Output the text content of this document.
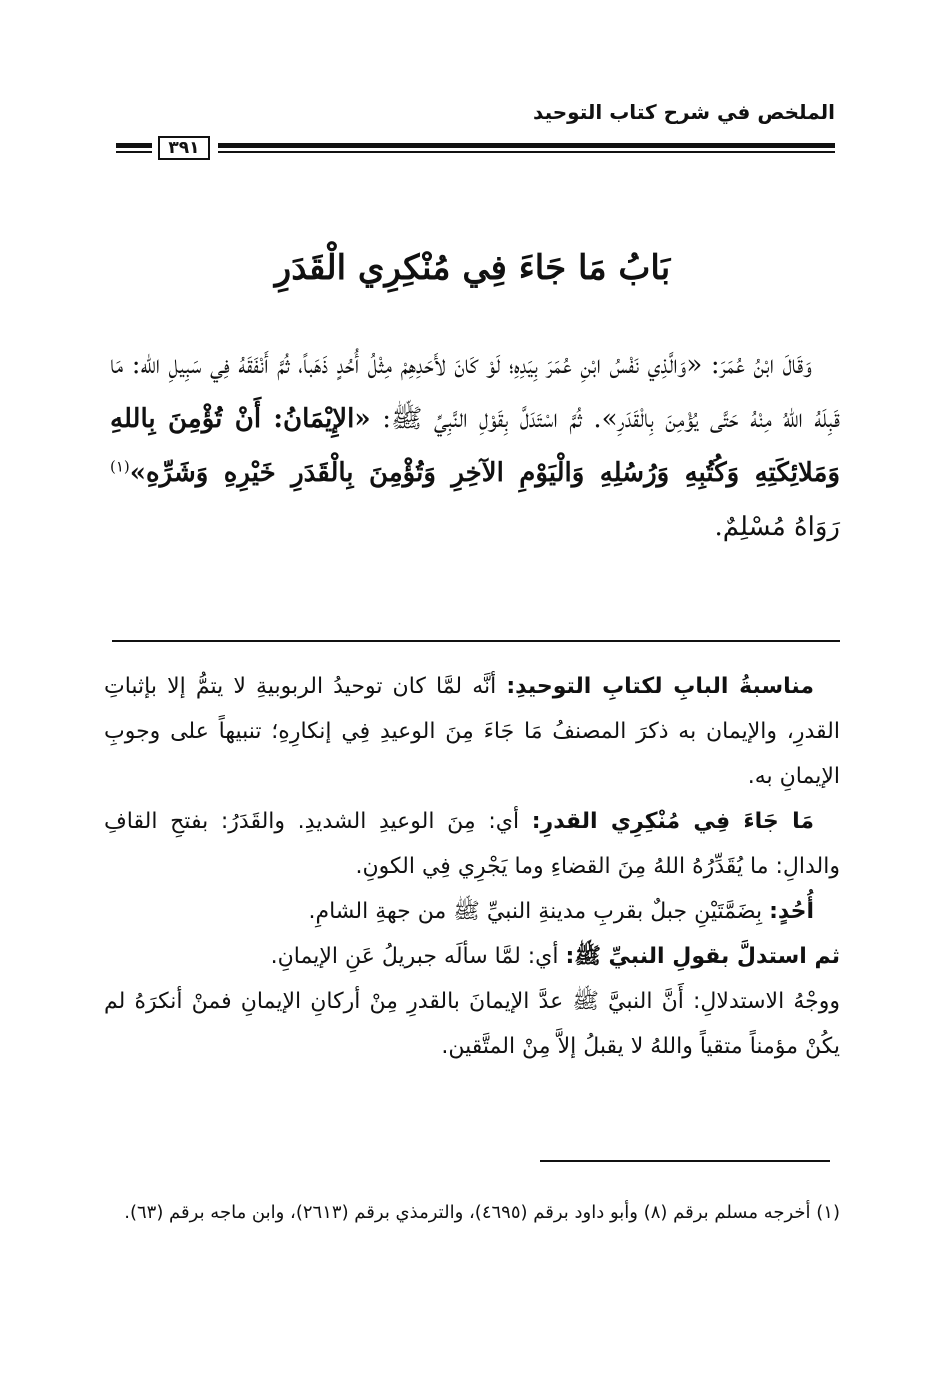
الملخص في شرح كتاب التوحيد
٣٩١
بَابُ مَا جَاءَ فِي مُنْكِرِي الْقَدَرِ
وَقَالَ ابْنُ عُمَرَ: «وَالَّذِي نَفْسُ ابْنِ عُمَرَ بِيَدِهِ؛ لَوْ كَانَ لأَحَدِهِمْ مِثْلُ أُحُدٍ ذَهَباً، ثُمَّ أَنْفَقَهُ فِي سَبِيلِ الله: مَا قَبِلَهُ اللهُ مِنْهُ حَتَّى يُؤْمِنَ بِالْقَدَرِ». ثُمَّ اسْتَدَلَّ بِقَوْلِ النَّبِيِّ ﷺ: «الإِيْمَانُ: أَنْ تُؤْمِنَ بِاللهِ وَمَلائِكَتِهِ وَكُتُبِهِ وَرُسُلِهِ وَالْيَوْمِ الآخِرِ وَتُؤْمِنَ بِالْقَدَرِ خَيْرِهِ وَشَرِّهِ»$^{(١)}$ رَوَاهُ مُسْلِمٌ.

مناسبةُ البابِ لكتابِ التوحيدِ: أنَّه لمَّا كان توحيدُ الربوبيةِ لا يتمُّ إلا بإثباتِ القدرِ، والإيمان به ذكرَ المصنفُ مَا جَاءَ مِنَ الوعيدِ فِي إنكارِهِ؛ تنبيهاً على وجوبِ الإيمانِ به.

مَا جَاءَ فِي مُنْكِرِي القدرِ: أي: مِنَ الوعيدِ الشديدِ. والقَدَرُ: بفتحِ القافِ والدالِ: ما يُقَدِّرُهُ اللهُ مِنَ القضاءِ وما يَجْرِي فِي الكونِ.

أُحُدٍ: بِضَمَّتَيْنِ جبلٌ بقربِ مدينةِ النبيِّ ﷺ من جهةِ الشامِ.

ثم استدلَّ بقولِ النبيِّ ﷺ: أي: لمَّا سألَه جبريلُ عَنِ الإيمانِ.

ووجْهُ الاستدلالِ: أَنَّ النبيَّ ﷺ عدَّ الإيمانَ بالقدرِ مِنْ أركانِ الإيمانِ فمنْ أنكرَهُ لم يكُنْ مؤمناً متقياً واللهُ لا يقبلُ إلاَّ مِنْ المتَّقين.

(١) أخرجه مسلم برقم (٨) وأبو داود برقم (٤٦٩٥)، والترمذي برقم (٢٦١٣)، وابن ماجه برقم (٦٣).
